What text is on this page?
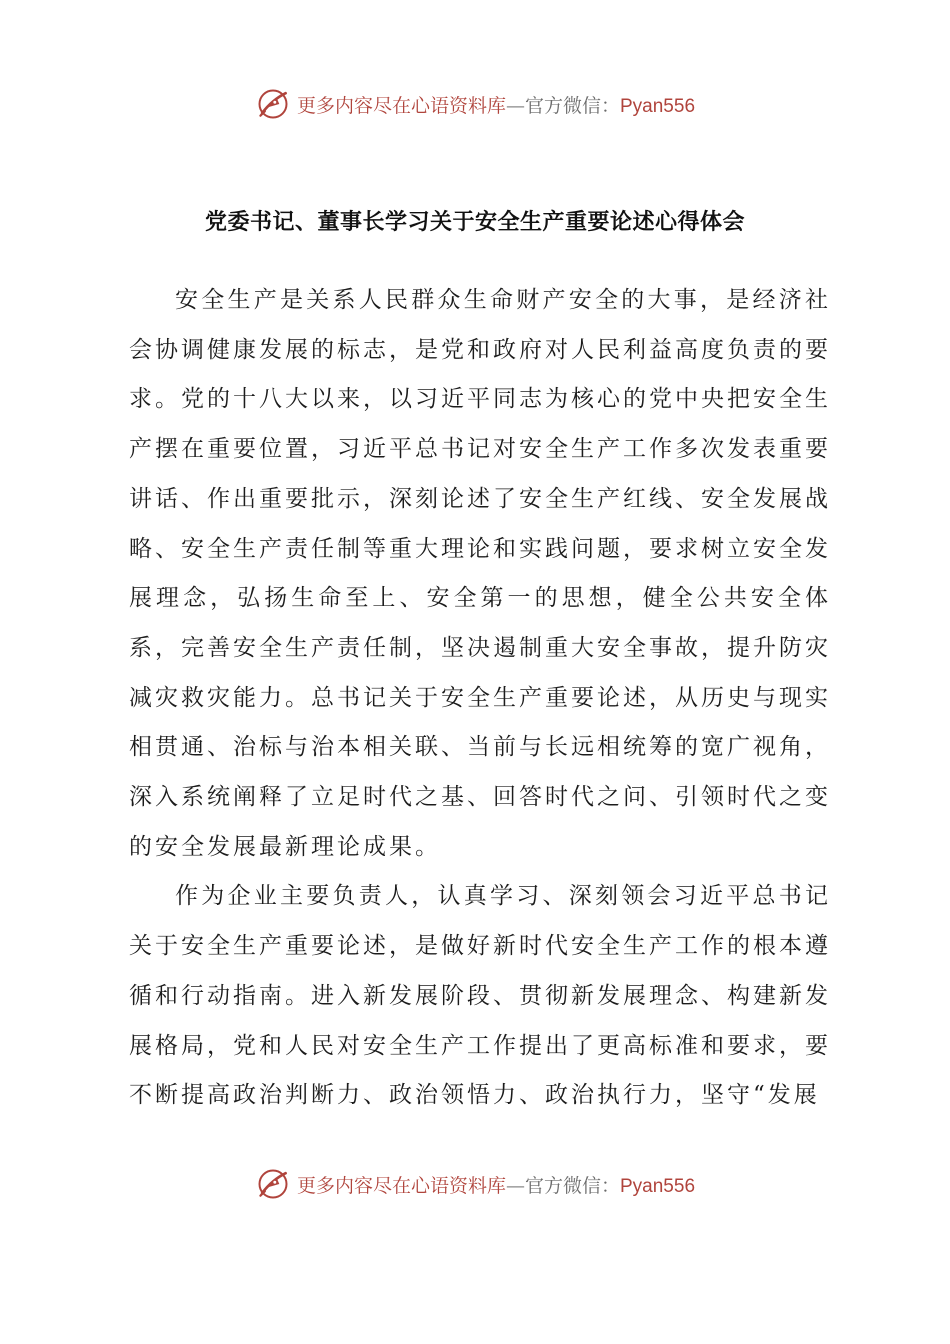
更多内容尽在心语资料库—官方微信：Pyan556
党委书记、董事长学习关于安全生产重要论述心得体会

安全生产是关系人民群众生命财产安全的大事，是经济社会协调健康发展的标志，是党和政府对人民利益高度负责的要求。党的十八大以来，以习近平同志为核心的党中央把安全生产摆在重要位置，习近平总书记对安全生产工作多次发表重要讲话、作出重要批示，深刻论述了安全生产红线、安全发展战略、安全生产责任制等重大理论和实践问题，要求树立安全发展理念，弘扬生命至上、安全第一的思想，健全公共安全体系，完善安全生产责任制，坚决遏制重大安全事故，提升防灾减灾救灾能力。总书记关于安全生产重要论述，从历史与现实相贯通、治标与治本相关联、当前与长远相统筹的宽广视角，深入系统阐释了立足时代之基、回答时代之问、引领时代之变的安全发展最新理论成果。

作为企业主要负责人，认真学习、深刻领会习近平总书记关于安全生产重要论述，是做好新时代安全生产工作的根本遵循和行动指南。进入新发展阶段、贯彻新发展理念、构建新发展格局，党和人民对安全生产工作提出了更高标准和要求，要不断提高政治判断力、政治领悟力、政治执行力，坚守“发展

更多内容尽在心语资料库—官方微信：Pyan556
